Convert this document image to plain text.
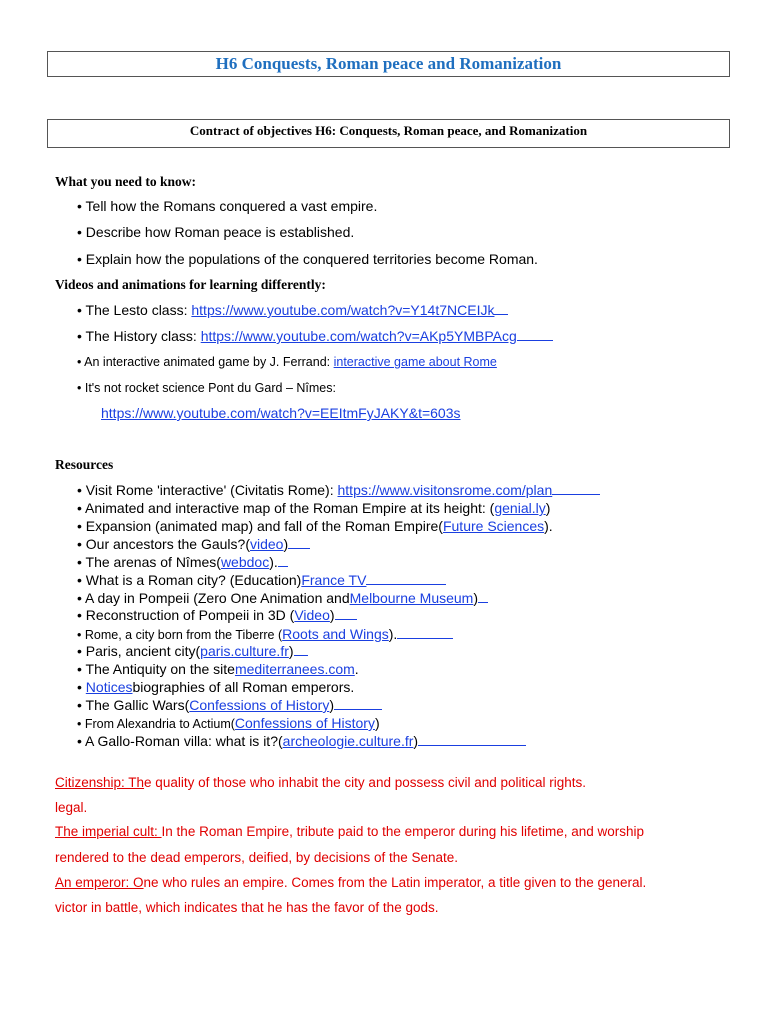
H6 Conquests, Roman peace and Romanization
Contract of objectives H6: Conquests, Roman peace, and Romanization
What you need to know:
• Tell how the Romans conquered a vast empire.
• Describe how Roman peace is established.
• Explain how the populations of the conquered territories become Roman.
Videos and animations for learning differently:
• The Lesto class: https://www.youtube.com/watch?v=Y14t7NCEIJk
• The History class: https://www.youtube.com/watch?v=AKp5YMBPAcg
• An interactive animated game by J. Ferrand: interactive game about Rome
• It's not rocket science Pont du Gard – Nîmes:
https://www.youtube.com/watch?v=EEItmFyJAKY&t=603s
Resources
• Visit Rome 'interactive' (Civitatis Rome): https://www.visitonsrome.com/plan
• Animated and interactive map of the Roman Empire at its height: (genial.ly)
• Expansion (animated map) and fall of the Roman Empire(Future Sciences).
• Our ancestors the Gauls?(video)
• The arenas of Nîmes(webdoc).
• What is a Roman city? (Education)France TV
• A day in Pompeii (Zero One Animation andMelbourne Museum)
• Reconstruction of Pompeii in 3D (Video)
• Rome, a city born from the Tiberre (Roots and Wings).
• Paris, ancient city(paris.culture.fr)
• The Antiquity on the sitemediterranees.com.
• Noticesbiographies of all Roman emperors.
• The Gallic Wars(Confessions of History)
• From Alexandria to Actium(Confessions of History)
• A Gallo-Roman villa: what is it?(archeologie.culture.fr)
Citizenship: The quality of those who inhabit the city and possess civil and political rights.
legal.
The imperial cult: In the Roman Empire, tribute paid to the emperor during his lifetime, and worship
rendered to the dead emperors, deified, by decisions of the Senate.
An emperor: One who rules an empire. Comes from the Latin imperator, a title given to the general.
victor in battle, which indicates that he has the favor of the gods.
